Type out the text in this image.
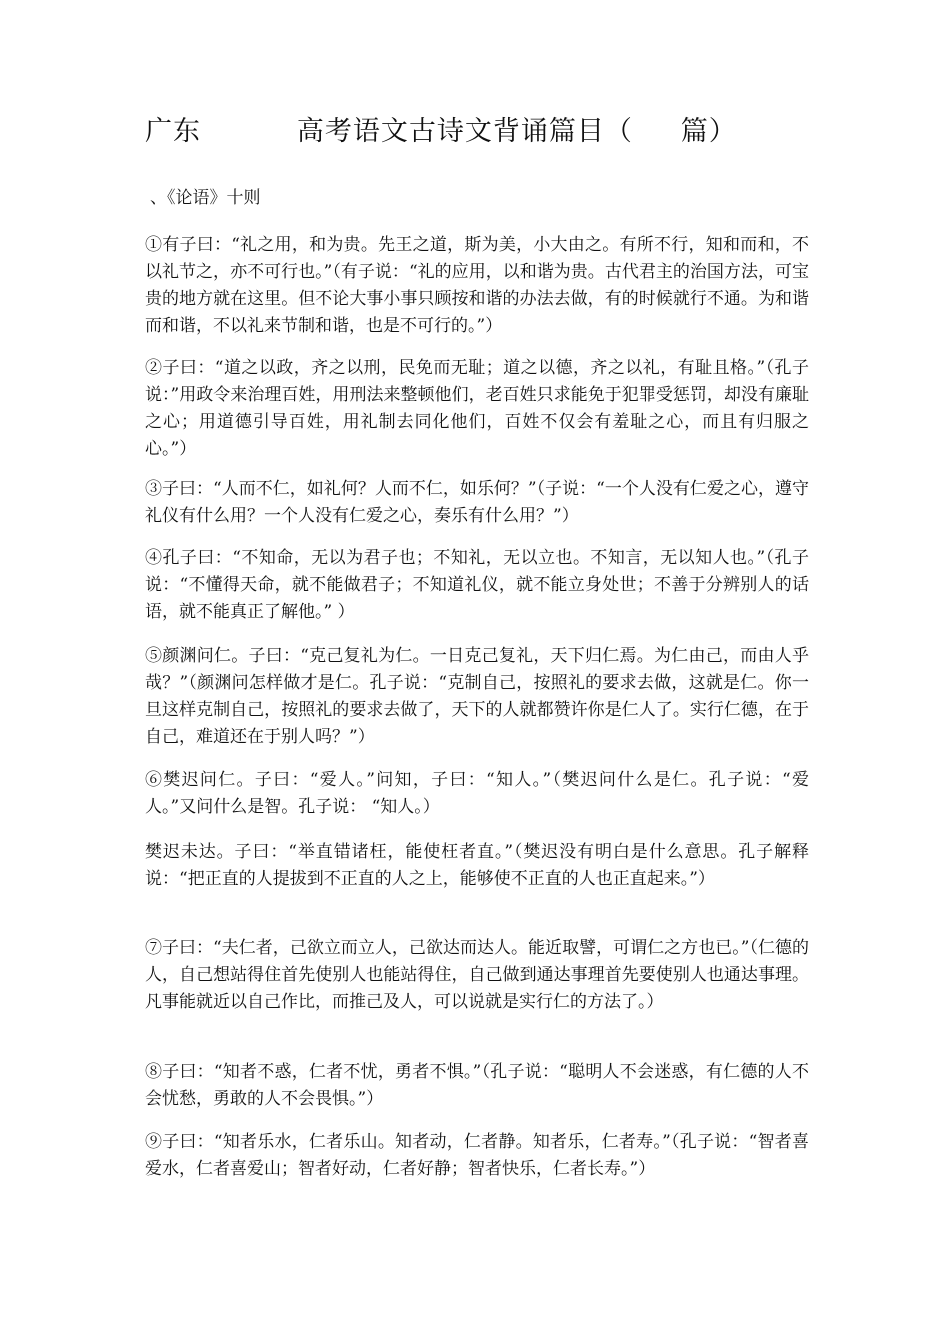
广东          高考语文古诗文背诵篇目（     篇）
、《论语》十则
①有子曰：“礼之用，和为贵。先王之道，斯为美，小大由之。有所不行，知和而和，不以礼节之，亦不可行也。”（有子说：“礼的应用，以和谐为贵。古代君主的治国方法，可宝贵的地方就在这里。但不论大事小事只顾按和谐的办法去做，有的时候就行不通。为和谐而和谐，不以礼来节制和谐，也是不可行的。”）
②子曰：“道之以政，齐之以刑，民免而无耻；道之以德，齐之以礼，有耻且格。”（孔子说：”用政令来治理百姓，用刑法来整顿他们，老百姓只求能免于犯罪受惩罚，却没有廉耻之心；用道德引导百姓，用礼制去同化他们，百姓不仅会有羞耻之心，而且有归服之心。”）
③子曰：“人而不仁，如礼何？人而不仁，如乐何？”（子说：“一个人没有仁爱之心，遵守礼仪有什么用？一个人没有仁爱之心，奏乐有什么用？”）
④孔子曰：“不知命，无以为君子也；不知礼，无以立也。不知言，无以知人也。”（孔子说：“不懂得天命，就不能做君子；不知道礼仪，就不能立身处世；不善于分辨别人的话语，就不能真正了解他。” ）
⑤颜渊问仁。子曰：“克己复礼为仁。一日克己复礼，天下归仁焉。为仁由己，而由人乎哉？”（颜渊问怎样做才是仁。孔子说：“克制自己，按照礼的要求去做，这就是仁。你一旦这样克制自己，按照礼的要求去做了，天下的人就都赞许你是仁人了。实行仁德，在于自己，难道还在于别人吗？”）
⑥樊迟问仁。子曰：“爱人。”问知，子曰：“知人。”（樊迟问什么是仁。孔子说：“爱人。”又问什么是智。孔子说： “知人。）
樊迟未达。子曰：“举直错诸枉，能使枉者直。”（樊迟没有明白是什么意思。孔子解释说：“把正直的人提拔到不正直的人之上，能够使不正直的人也正直起来。”）
⑦子曰：“夫仁者，己欲立而立人，己欲达而达人。能近取譬，可谓仁之方也已。”（仁德的人，自己想站得住首先使别人也能站得住，自己做到通达事理首先要使别人也通达事理。凡事能就近以自己作比，而推己及人，可以说就是实行仁的方法了。）
⑧子曰：“知者不惑，仁者不忧，勇者不惧。”（孔子说：“聪明人不会迷惑，有仁德的人不会忧愁，勇敢的人不会畏惧。”）
⑨子曰：“知者乐水，仁者乐山。知者动，仁者静。知者乐，仁者寿。”（孔子说：“智者喜爱水，仁者喜爱山；智者好动，仁者好静；智者快乐，仁者长寿。”）
